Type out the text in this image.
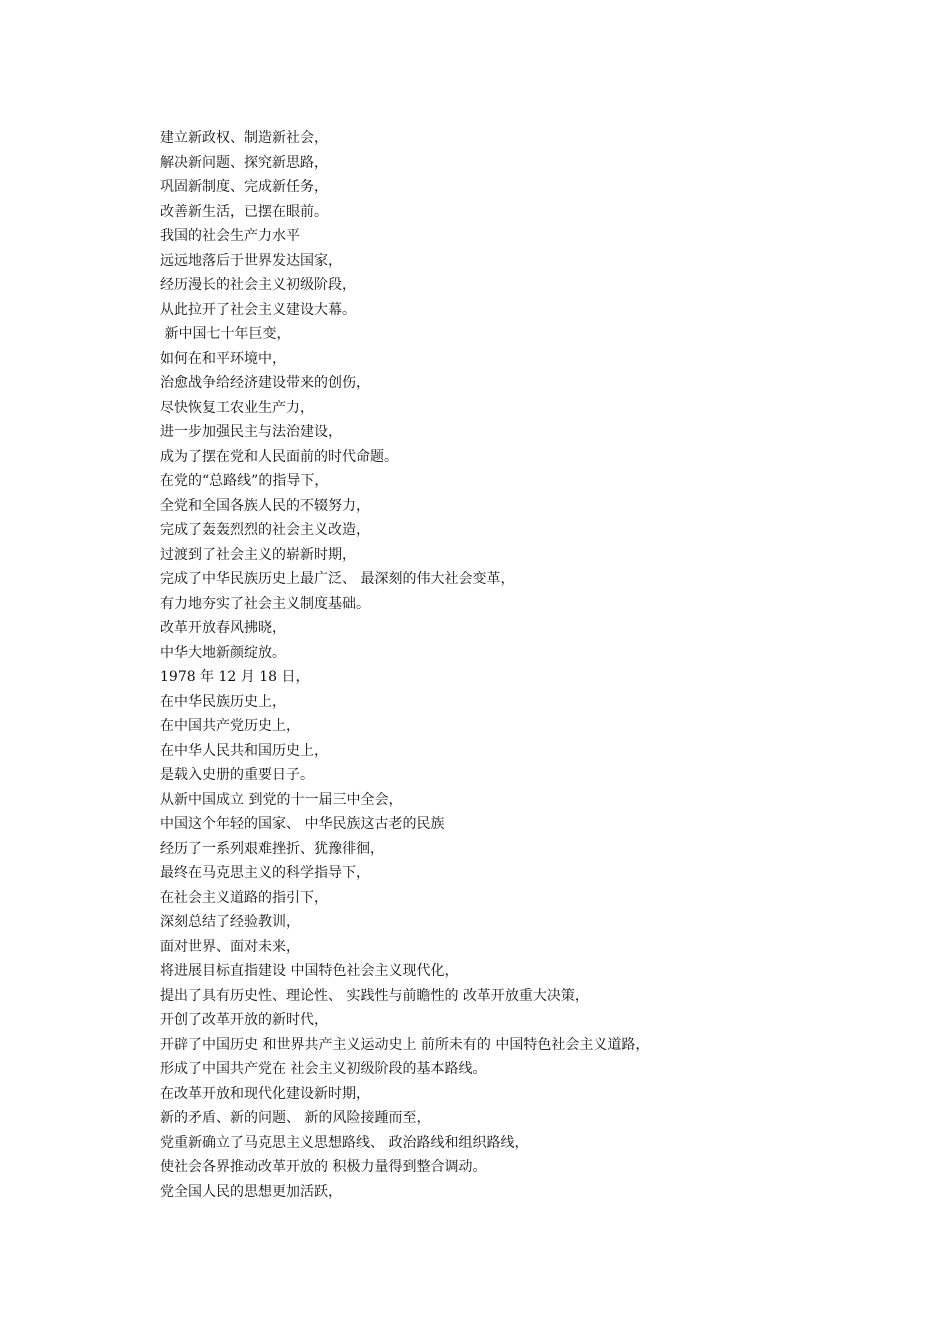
建立新政权、制造新社会，
解决新问题、探究新思路，
巩固新制度、完成新任务，
改善新生活，已摆在眼前。
我国的社会生产力水平
远远地落后于世界发达国家，
经历漫长的社会主义初级阶段，
从此拉开了社会主义建设大幕。
新中国七十年巨变，
如何在和平环境中，
治愈战争给经济建设带来的创伤，
尽快恢复工农业生产力，
进一步加强民主与法治建设，
成为了摆在党和人民面前的时代命题。
在党的“总路线”的指导下，
全党和全国各族人民的不辍努力，
完成了轰轰烈烈的社会主义改造，
过渡到了社会主义的崭新时期，
完成了中华民族历史上最广泛、 最深刻的伟大社会变革，
有力地夯实了社会主义制度基础。
改革开放春风拂晓，
中华大地新颜绽放。
1978 年 12 月 18 日，
在中华民族历史上，
在中国共产党历史上，
在中华人民共和国历史上，
是载入史册的重要日子。
从新中国成立 到党的十一届三中全会，
中国这个年轻的国家、 中华民族这古老的民族
经历了一系列艰难挫折、犹豫徘徊，
最终在马克思主义的科学指导下，
在社会主义道路的指引下，
深刻总结了经验教训，
面对世界、面对未来，
将进展目标直指建设 中国特色社会主义现代化，
提出了具有历史性、理论性、 实践性与前瞻性的 改革开放重大决策，
开创了改革开放的新时代，
开辟了中国历史 和世界共产主义运动史上 前所未有的 中国特色社会主义道路，
形成了中国共产党在 社会主义初级阶段的基本路线。
在改革开放和现代化建设新时期，
新的矛盾、新的问题、 新的风险接踵而至，
党重新确立了马克思主义思想路线、 政治路线和组织路线，
使社会各界推动改革开放的 积极力量得到整合调动。
党全国人民的思想更加活跃，
